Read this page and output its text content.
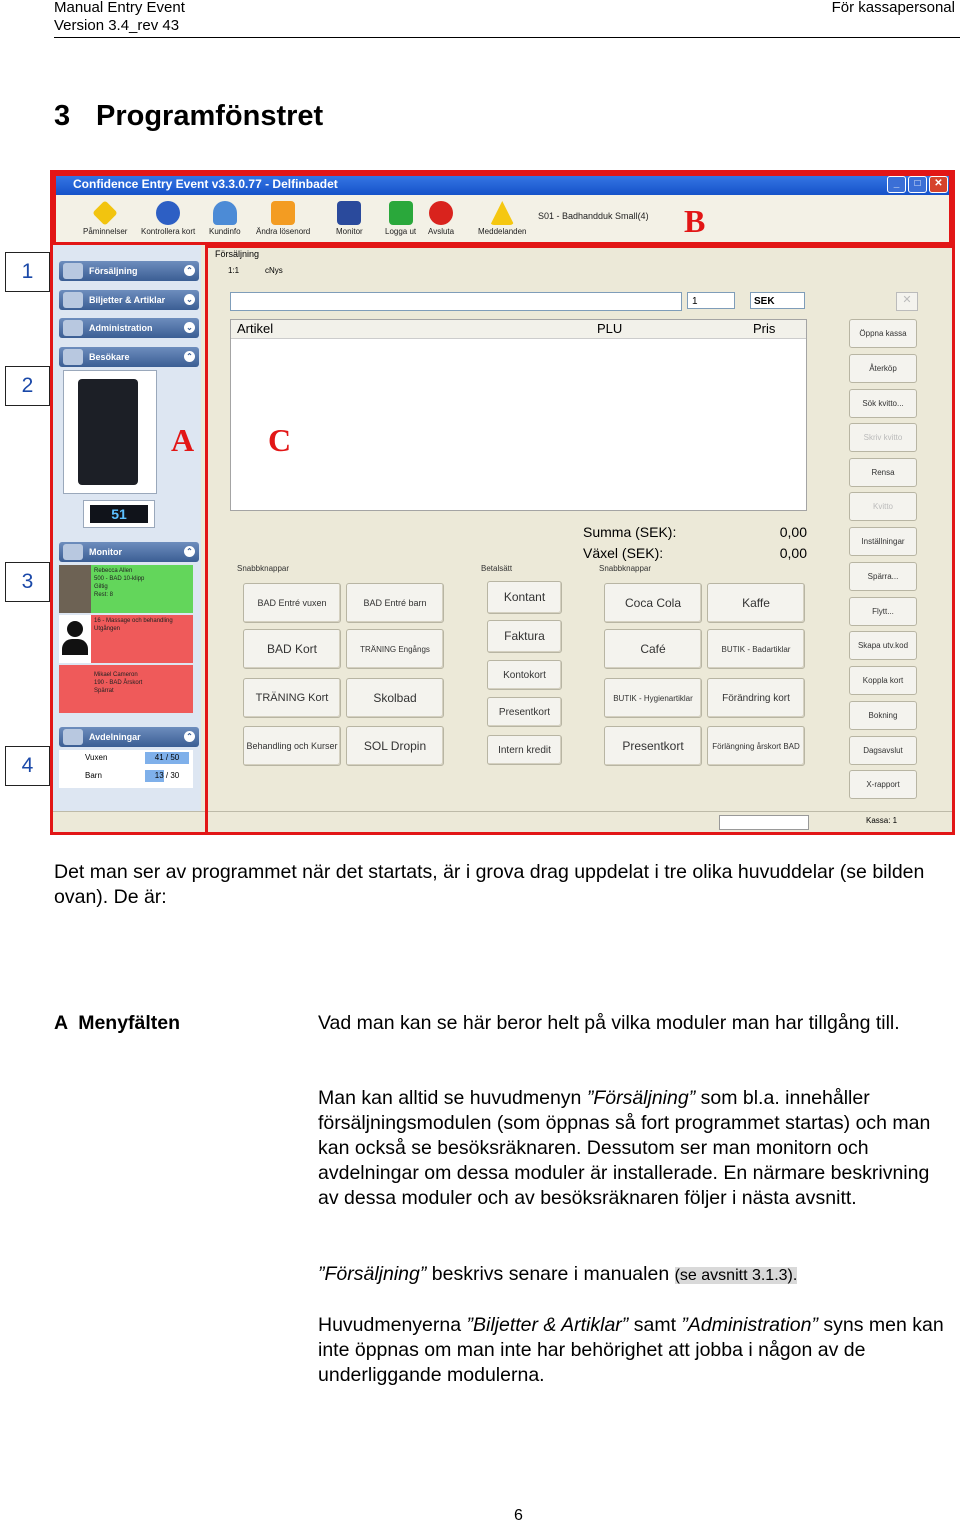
Manual Entry Event
Version 3.4_rev 43
För kassapersonal
3 Programfönstret
1
2
3
4
Confidence Entry Event v3.3.0.77 - Delfinbadet	_	□	✕
Påminnelser Kontrollera kort Kundinfo Ändra lösenord	Monitor	Logga ut Avsluta	Meddelanden
S01 - Badhandduk Small(4)
Försäljning	⌃
Biljetter & Artiklar	⌄
Administration	⌄
Besökare	⌃
51
Monitor	⌃
Rebecca Allen
500 - BAD 10-klipp
Giltig
Rest: 8
16 - Massage och behandling
Utgången
Mikael Cameron
190 - BAD Årskort
Spärrat
Avdelningar	⌃
Vuxen	41 / 50
Barn	13 / 30
Försäljning
1:1	cNys
1	SEK	✕
Artikel	PLU	Pris
Summa (SEK):
Växel (SEK):
0,00
0,00
Snabbknappar	Betalsätt	Snabbknappar
BAD Entré vuxen	BAD Entré barn
BAD Kort	TRÄNING Engångs
TRÄNING Kort	Skolbad
Behandling och Kurser	SOL Dropin
Kontant
Faktura
Kontokort
Presentkort
Intern kredit
Coca Cola	Kaffe
Café	BUTIK - Badartiklar
BUTIK - Hygienartiklar	Förändring kort
Presentkort	Förlängning årskort BAD
Öppna kassa
Återköp
Sök kvitto...
Skriv kvitto
Rensa
Kvitto
Inställningar
Spärra...
Flytt...
Skapa utv.kod
Koppla kort
Bokning
Dagsavslut
X-rapport
Kassa: 1
B
A C
Det man ser av programmet när det startats, är i grova drag uppdelat i tre olika huvuddelar (se bilden ovan). De är:
A  Menyfälten	Vad man kan se här beror helt på vilka moduler man har tillgång till.
Man kan alltid se huvudmenyn ”Försäljning” som bl.a. innehåller försäljningsmodulen (som öppnas så fort programmet startas) och man kan också se besöksräknaren. Dessutom ser man monitorn och avdelningar om dessa moduler är installerade. En närmare beskrivning av dessa moduler och av besöksräknaren följer i nästa avsnitt.
”Försäljning” beskrivs senare i manualen (se avsnitt 3.1.3).
Huvudmenyerna ”Biljetter & Artiklar” samt ”Administration” syns men kan inte öppnas om man inte har behörighet att jobba i någon av de underliggande modulerna.
6
